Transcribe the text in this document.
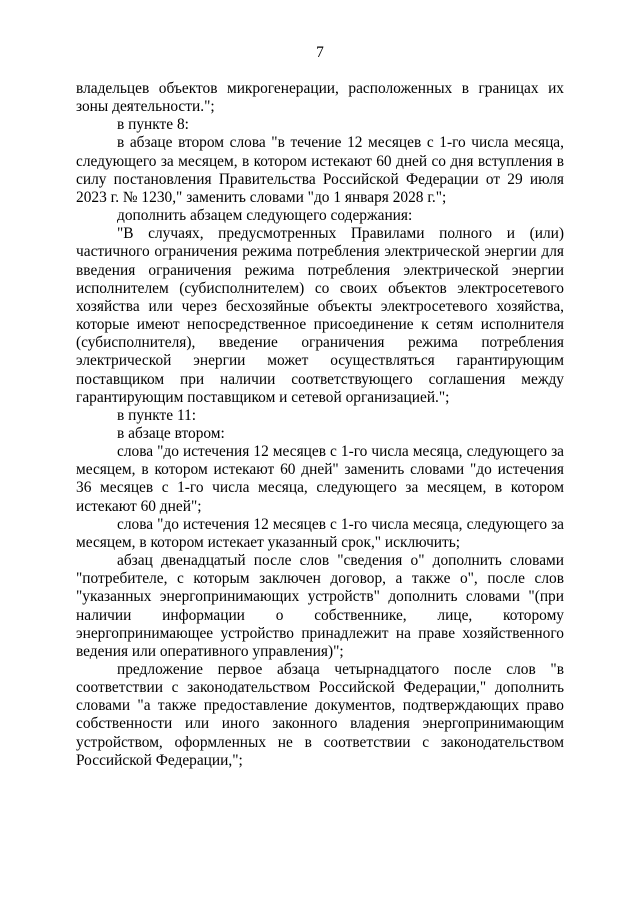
7

владельцев объектов микрогенерации, расположенных в границах их зоны деятельности.";

в пункте 8:

в абзаце втором слова "в течение 12 месяцев с 1-го числа месяца, следующего за месяцем, в котором истекают 60 дней со дня вступления в силу постановления Правительства Российской Федерации от 29 июля 2023 г. № 1230," заменить словами "до 1 января 2028 г.";

дополнить абзацем следующего содержания:

"В случаях, предусмотренных Правилами полного и (или) частичного ограничения режима потребления электрической энергии для введения ограничения режима потребления электрической энергии исполнителем (субисполнителем) со своих объектов электросетевого хозяйства или через бесхозяйные объекты электросетевого хозяйства, которые имеют непосредственное присоединение к сетям исполнителя (субисполнителя), введение ограничения режима потребления электрической энергии может осуществляться гарантирующим поставщиком при наличии соответствующего соглашения между гарантирующим поставщиком и сетевой организацией.";

в пункте 11:

в абзаце втором:

слова "до истечения 12 месяцев с 1-го числа месяца, следующего за месяцем, в котором истекают 60 дней" заменить словами "до истечения 36 месяцев с 1-го числа месяца, следующего за месяцем, в котором истекают 60 дней";

слова "до истечения 12 месяцев с 1-го числа месяца, следующего за месяцем, в котором истекает указанный срок," исключить;

абзац двенадцатый после слов "сведения о" дополнить словами "потребителе, с которым заключен договор, а также о", после слов "указанных энергопринимающих устройств" дополнить словами "(при наличии информации о собственнике, лице, которому энергопринимающее устройство принадлежит на праве хозяйственного ведения или оперативного управления)";

предложение первое абзаца четырнадцатого после слов "в соответствии с законодательством Российской Федерации," дополнить словами "а также предоставление документов, подтверждающих право собственности или иного законного владения энергопринимающим устройством, оформленных не в соответствии с законодательством Российской Федерации,";
